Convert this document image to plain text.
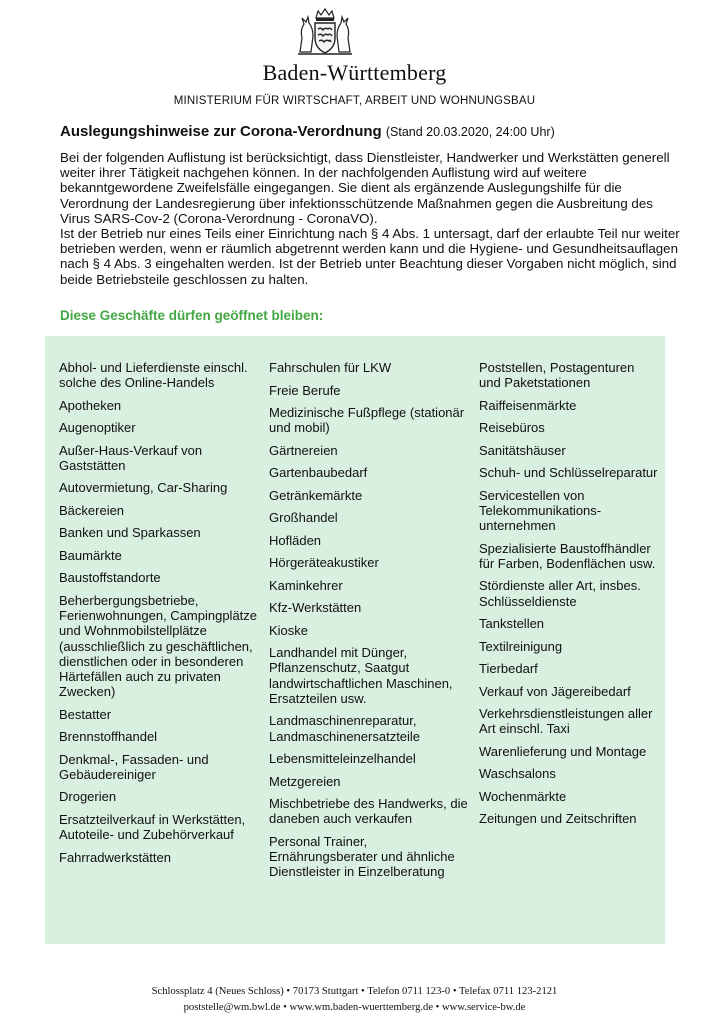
Baden-Württemberg
MINISTERIUM FÜR WIRTSCHAFT, ARBEIT UND WOHNUNGSBAU
Auslegungshinweise zur Corona-Verordnung (Stand 20.03.2020, 24:00 Uhr)

Bei der folgenden Auflistung ist berücksichtigt, dass Dienstleister, Handwerker und Werkstätten generell weiter ihrer Tätigkeit nachgehen können. In der nachfolgenden Auflistung wird auf weitere bekanntgewordene Zweifelsfälle eingegangen. Sie dient als ergänzende Auslegungshilfe für die Verordnung der Landesregierung über infektionsschützende Maßnahmen gegen die Ausbreitung des Virus SARS-Cov-2 (Corona-Verordnung - CoronaVO).

Ist der Betrieb nur eines Teils einer Einrichtung nach § 4 Abs. 1 untersagt, darf der erlaubte Teil nur weiter betrieben werden, wenn er räumlich abgetrennt werden kann und die Hygiene- und Gesundheitsauflagen nach § 4 Abs. 3 eingehalten werden. Ist der Betrieb unter Beachtung dieser Vorgaben nicht möglich, sind beide Betriebsteile geschlossen zu halten.

Diese Geschäfte dürfen geöffnet bleiben:
Abhol- und Lieferdienste einschl. solche des Online-Handels
Apotheken
Augenoptiker
Außer-Haus-Verkauf von Gaststätten
Autovermietung, Car-Sharing
Bäckereien
Banken und Sparkassen
Baumärkte
Baustoffstandorte
Beherbergungsbetriebe, Ferienwohnungen, Campingplätze und Wohnmobilstellplätze (ausschließlich zu geschäftlichen, dienstlichen oder in besonderen Härtefällen auch zu privaten Zwecken)
Bestatter
Brennstoffhandel
Denkmal-, Fassaden- und Gebäudereiniger
Drogerien
Ersatzteilverkauf in Werkstätten, Autoteile- und Zubehörverkauf
Fahrradwerkstätten
Fahrschulen für LKW
Freie Berufe
Medizinische Fußpflege (stationär und mobil)
Gärtnereien
Gartenbaubedarf
Getränkemärkte
Großhandel
Hofläden
Hörgeräteakustiker
Kaminkehrer
Kfz-Werkstätten
Kioske
Landhandel mit Dünger, Pflanzenschutz, Saatgut landwirtschaftlichen Maschinen, Ersatzteilen usw.
Landmaschinenreparatur, Landmaschinenersatzteile
Lebensmitteleinzelhandel
Metzgereien
Mischbetriebe des Handwerks, die daneben auch verkaufen
Personal Trainer, Ernährungsberater und ähnliche Dienstleister in Einzelberatung
Poststellen, Postagenturen und Paketstationen
Raiffeisenmärkte
Reisebüros
Sanitätshäuser
Schuh- und Schlüsselreparatur
Servicestellen von Telekommunikations-unternehmen
Spezialisierte Baustoffhändler für Farben, Bodenflächen usw.
Stördienste aller Art, insbes. Schlüsseldienste
Tankstellen
Textilreinigung
Tierbedarf
Verkauf von Jägereibedarf
Verkehrsdienstleistungen aller Art einschl. Taxi
Warenlieferung und Montage
Waschsalons
Wochenmärkte
Zeitungen und Zeitschriften
Schlossplatz 4 (Neues Schloss) • 70173 Stuttgart • Telefon 0711 123-0 • Telefax 0711 123-2121
poststelle@wm.bwl.de • www.wm.baden-wuerttemberg.de • www.service-bw.de
